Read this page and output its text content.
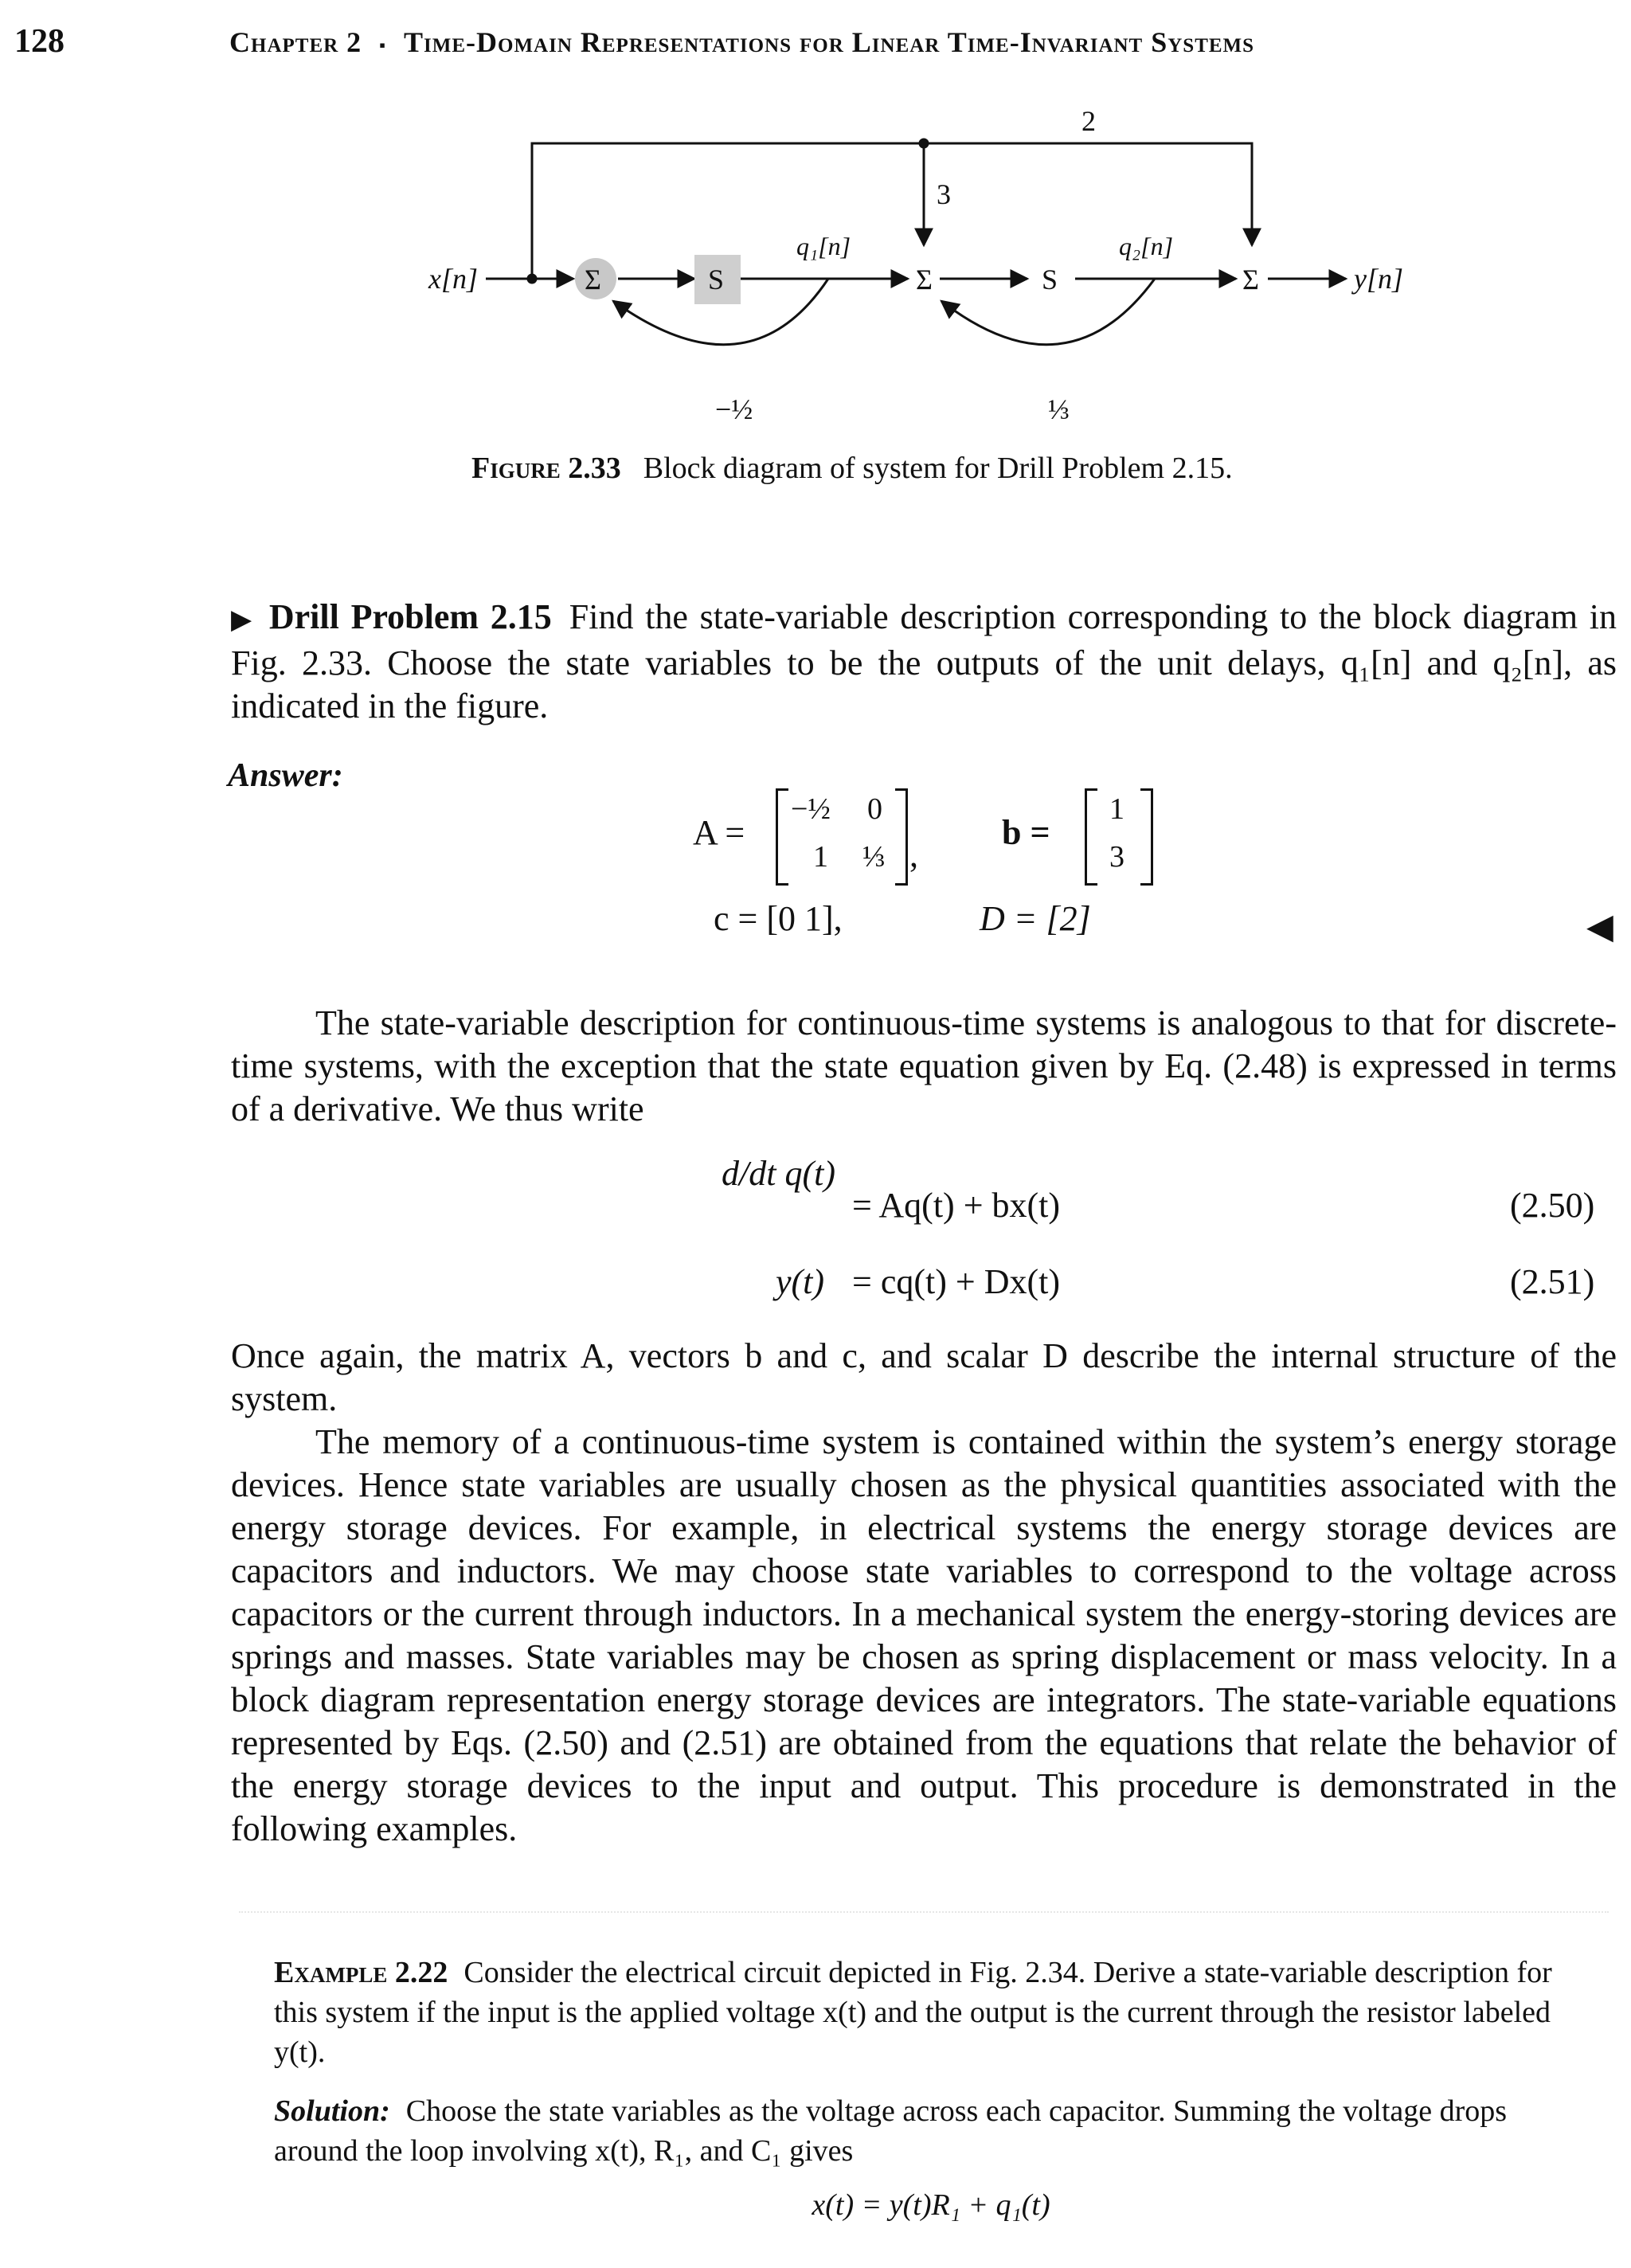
128	Chapter 2 ▪ Time-Domain Representations for Linear Time-Invariant Systems
Σ	S	Σ	S	Σ
x[n]	y[n]
q₁[n]	q₂[n]
2
3
−½	⅓
Figure 2.33 Block diagram of system for Drill Problem 2.15.
▶ Drill Problem 2.15 Find the state-variable description corresponding to the block diagram in Fig. 2.33. Choose the state variables to be the outputs of the unit delays, q₁[n] and q₂[n], as indicated in the figure.
Answer:
A =
−½ 0
1 ⅓ ,
b =
1
3
c = [0 1],	D = [2]	◀
The state-variable description for continuous-time systems is analogous to that for discrete-time systems, with the exception that the state equation given by Eq. (2.48) is expressed in terms of a derivative. We thus write
d/dt q(t)
= Aq(t) + bx(t)	(2.50)
y(t) = cq(t) + Dx(t)	(2.51)
Once again, the matrix A, vectors b and c, and scalar D describe the internal structure of the system.
The memory of a continuous-time system is contained within the system’s energy storage devices. Hence state variables are usually chosen as the physical quantities associated with the energy storage devices. For example, in electrical systems the energy storage devices are capacitors and inductors. We may choose state variables to correspond to the voltage across capacitors or the current through inductors. In a mechanical system the energy-storing devices are springs and masses. State variables may be chosen as spring displacement or mass velocity. In a block diagram representation energy storage devices are integrators. The state-variable equations represented by Eqs. (2.50) and (2.51) are obtained from the equations that relate the behavior of the energy storage devices to the input and output. This procedure is demonstrated in the following examples.
Example 2.22 Consider the electrical circuit depicted in Fig. 2.34. Derive a state-variable description for this system if the input is the applied voltage x(t) and the output is the current through the resistor labeled y(t).
Solution: Choose the state variables as the voltage across each capacitor. Summing the voltage drops around the loop involving x(t), R₁, and C₁ gives
x(t) = y(t)R₁ + q₁(t)
